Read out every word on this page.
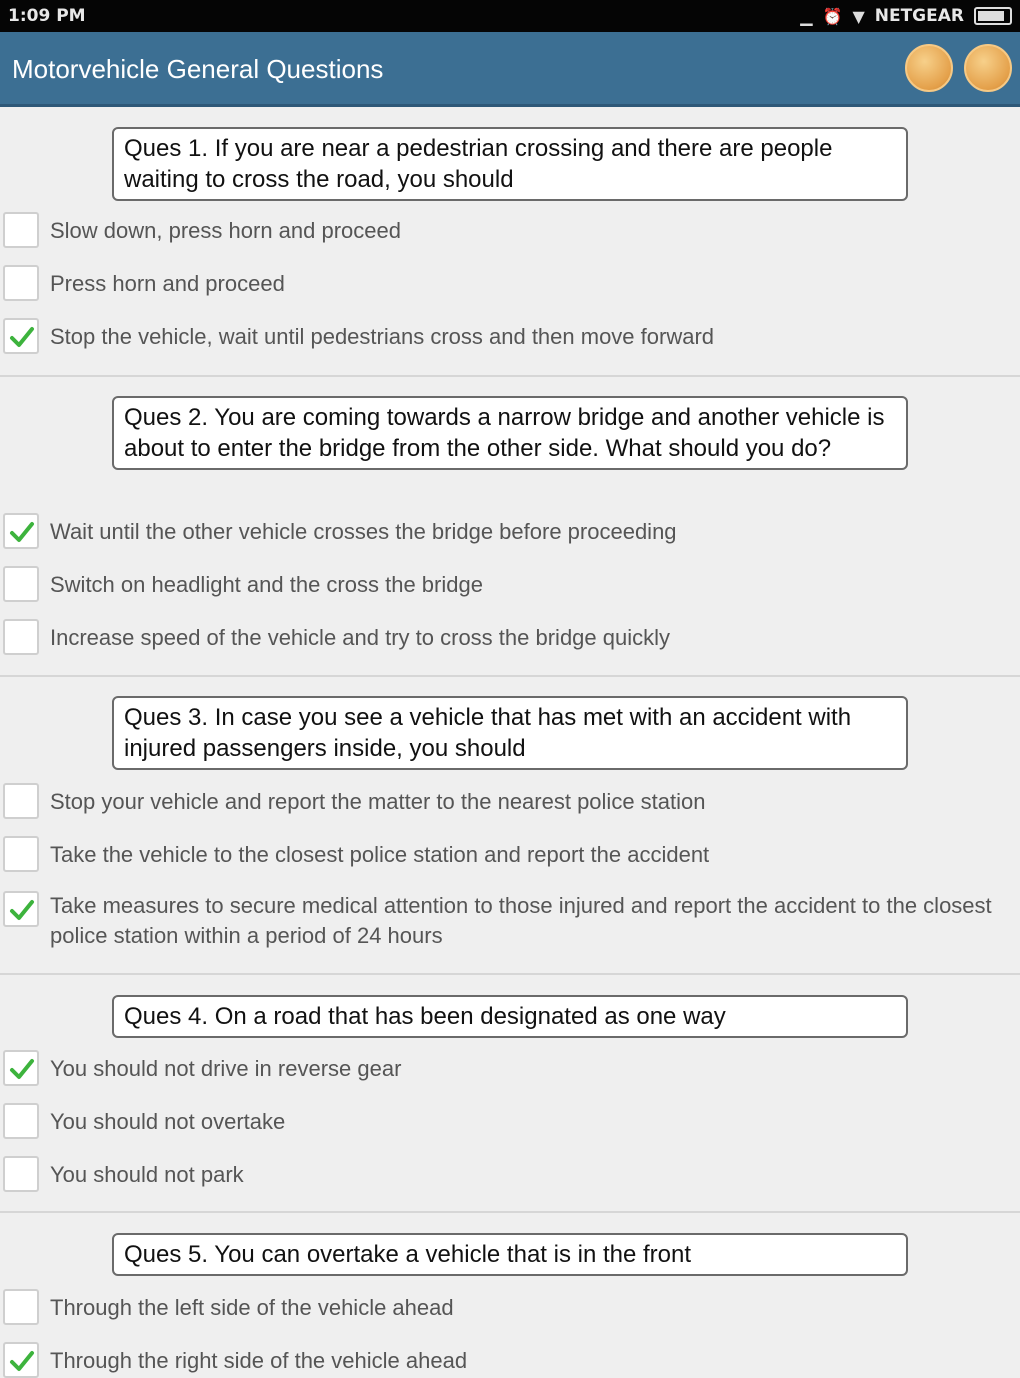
1:09 PM	▁ ⏰ ▼ NETGEAR
Motorvehicle General Questions
Ques 1. If you are near a pedestrian crossing and there are people waiting to cross the road, you should
Slow down, press horn and proceed
Press horn and proceed
Stop the vehicle, wait until pedestrians cross and then move forward
Ques 2. You are coming towards a narrow bridge and another vehicle is about to enter the bridge from the other side. What should you do?
Wait until the other vehicle crosses the bridge before proceeding
Switch on headlight and the cross the bridge
Increase speed of the vehicle and try to cross the bridge quickly
Ques 3. In case you see a vehicle that has met with an accident with injured passengers inside, you should
Stop your vehicle and report the matter to the nearest police station
Take the vehicle to the closest police station and report the accident
Take measures to secure medical attention to those injured and report the accident to the closest police station within a period of 24 hours
Ques 4. On a road that has been designated as one way
You should not drive in reverse gear
You should not overtake
You should not park
Ques 5. You can overtake a vehicle that is in the front
Through the left side of the vehicle ahead
Through the right side of the vehicle ahead
